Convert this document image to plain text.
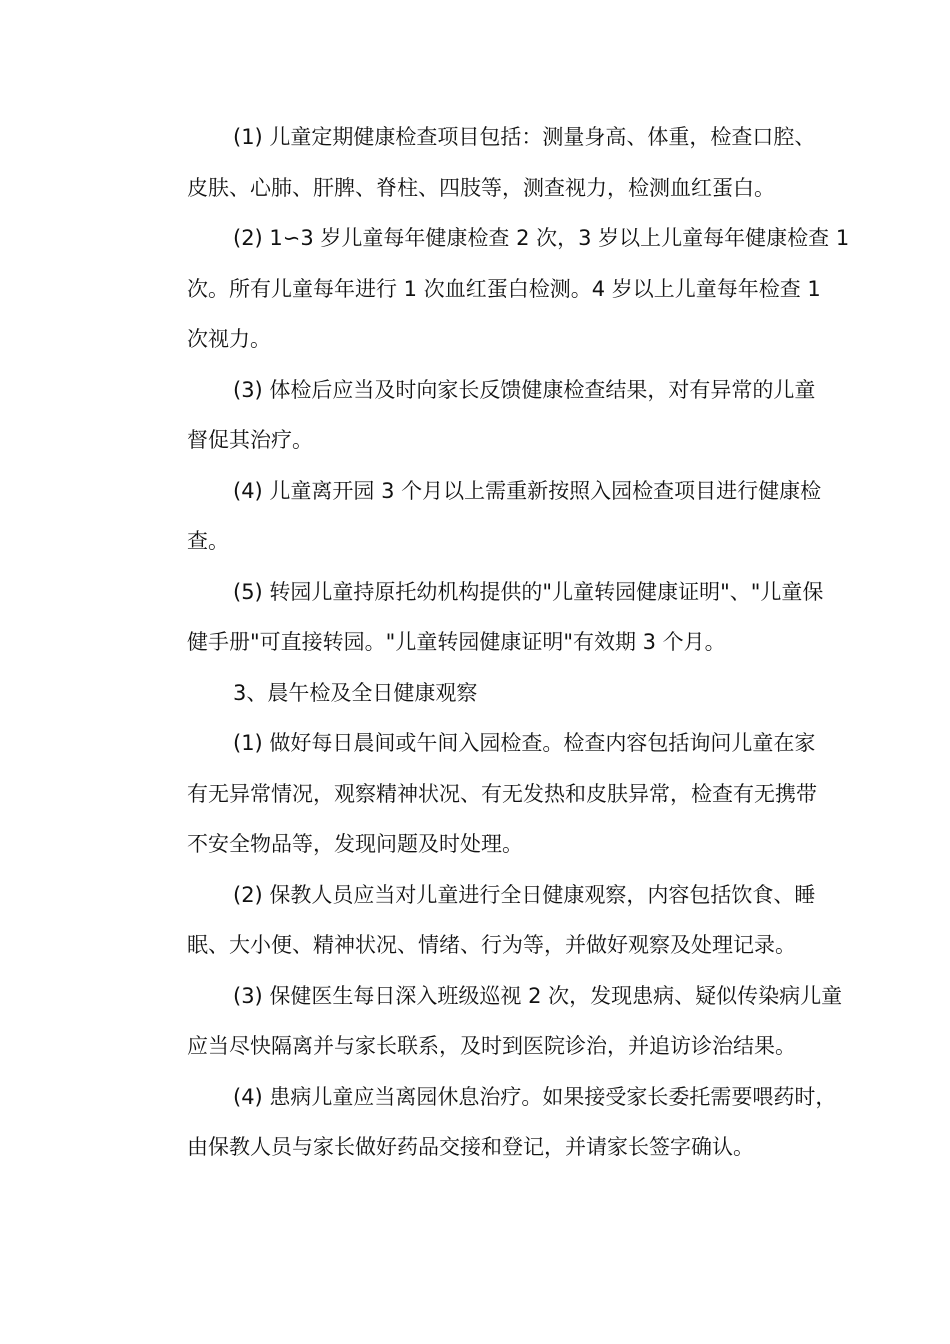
(1) 儿童定期健康检查项目包括：测量身高、体重，检查口腔、
皮肤、心肺、肝脾、脊柱、四肢等，测查视力，检测血红蛋白。
(2) 1∽3 岁儿童每年健康检查 2 次，3 岁以上儿童每年健康检查 1
次。所有儿童每年进行 1 次血红蛋白检测。4 岁以上儿童每年检查 1
次视力。
(3) 体检后应当及时向家长反馈健康检查结果，对有异常的儿童
督促其治疗。
(4) 儿童离开园 3 个月以上需重新按照入园检查项目进行健康检
查。
(5) 转园儿童持原托幼机构提供的"儿童转园健康证明"、"儿童保
健手册"可直接转园。"儿童转园健康证明"有效期 3 个月。
3、晨午检及全日健康观察
(1) 做好每日晨间或午间入园检查。检查内容包括询问儿童在家
有无异常情况，观察精神状况、有无发热和皮肤异常，检查有无携带
不安全物品等，发现问题及时处理。
(2) 保教人员应当对儿童进行全日健康观察，内容包括饮食、睡
眠、大小便、精神状况、情绪、行为等，并做好观察及处理记录。
(3) 保健医生每日深入班级巡视 2 次，发现患病、疑似传染病儿童
应当尽快隔离并与家长联系，及时到医院诊治，并追访诊治结果。
(4) 患病儿童应当离园休息治疗。如果接受家长委托需要喂药时，
由保教人员与家长做好药品交接和登记，并请家长签字确认。
